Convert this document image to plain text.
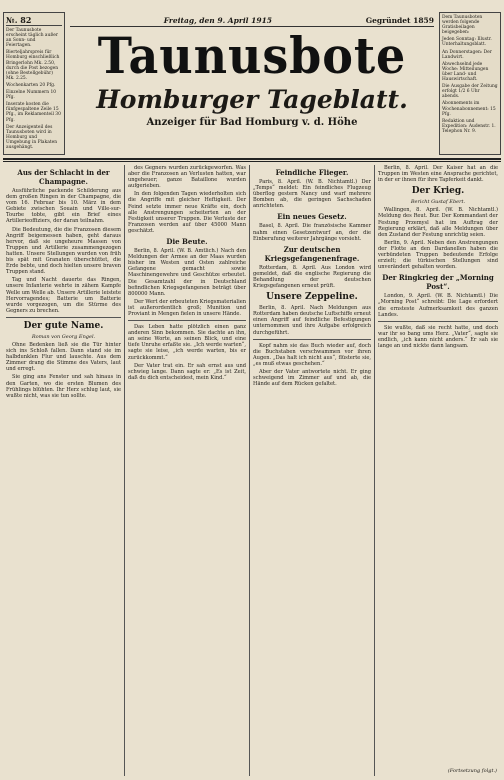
№. 82

Der Taunusbote erscheint täglich außer an Sonn- und Feiertagen.

Bierteljahrspreis für Homburg einschließlich Bringerlohn Mk. 2.50, durch die Post bezogen (ohne Bestellgebühr) Mk. 2.25.

Wochenkarten 20 Pfg.

Einzelne Nummern 10 Pfg.

Inserate kosten die fünfgespaltene Zeile 15 Pfg., im Reklamenteil 30 Pfg.

Der Anzeigenteil des Taunusboten wird in Homburg und Umgebung in Plakaten ausgehängt.

Dem Taunusboten werden folgende Gratisbeilagen beigegeben:

Jeden Sonntag: Illustr. Unterhaltungsblatt.

An Donnerstagen: Der Landwirt.

Abwechselnd jede Woche: Mitteilungen über Land- und Hauswirtschaft.

Die Ausgabe der Zeitung erfolgt 1/2 6 Uhr abends.

Abonnements im Wochenabonnement: 15 Pfg.

Redaktion und Expedition: Audenstr. 1. Telephon Nr. 9.

Freitag, den 9. April 1915	Gegründet 1859
Taunusbote
Homburger Tageblatt.
Anzeiger für Bad Homburg v. d. Höhe
Aus der Schlacht in der Champagne.

Ausführliche packende Schilderung aus dem großen Ringen in der Champagne, die vom 16. Februar bis 10. März in dem Gebiete zwischen Souain und Ville-sur-Tourbe tobte, gibt ein Brief eines Artillerieoffiziers, der daran teilnahm.

Die Bedeutung, die die Franzosen diesem Angriff beigemessen haben, geht daraus hervor, daß sie ungeheure Massen von Truppen und Artillerie zusammengezogen hatten. Unsere Stellungen wurden von früh bis spät mit Granaten überschüttet, die Erde bebte, und doch hielten unsere braven Truppen stand.

Tag und Nacht dauerte das Ringen, unsere Infanterie wehrte in zähem Kampfe Welle um Welle ab. Unsere Artillerie leistete Hervorragendes; Batterie um Batterie wurde vorgezogen, um die Stürme des Gegners zu brechen.

Der gute Name.
Roman von Georg Engel.

Ohne Bedenken ließ sie die Tür hinter sich ins Schloß fallen. Dann stand sie im halbdunklen Flur und lauschte. Aus dem Zimmer drang die Stimme des Vaters, laut und erregt.

Sie ging ans Fenster und sah hinaus in den Garten, wo die ersten Blumen des Frühlings blühten. Ihr Herz schlug laut, sie wußte nicht, was sie tun sollte.

des Gegners wurden zurückgeworfen. Was aber die Franzosen an Verlusten hatten, war ungeheuer; ganze Bataillone wurden aufgerieben.

In den folgenden Tagen wiederholten sich die Angriffe mit gleicher Heftigkeit. Der Feind setzte immer neue Kräfte ein, doch alle Anstrengungen scheiterten an der Festigkeit unserer Truppen. Die Verluste der Franzosen werden auf über 45000 Mann geschätzt.

Die Beute.

Berlin, 8. April. (W. B. Amtlich.) Nach den Meldungen der Armee an der Maas wurden bisher im Westen und Osten zahlreiche Gefangene gemacht sowie Maschinengewehre und Geschütze erbeutet. Die Gesamtzahl der in Deutschland befindlichen Kriegsgefangenen beträgt über 800000 Mann.

Der Wert der erbeuteten Kriegsmaterialien ist außerordentlich groß; Munition und Proviant in Mengen fielen in unsere Hände.

Das Leben hatte plötzlich einen ganz anderen Sinn bekommen. Sie dachte an ihn, an seine Worte, an seinen Blick, und eine tiefe Unruhe erfaßte sie. „Ich werde warten“, sagte sie leise, „ich werde warten, bis er zurückkommt.“

Der Vater trat ein. Er sah ernst aus und schwieg lange. Dann sagte er: „Es ist Zeit, daß du dich entscheidest, mein Kind.“

Feindliche Flieger.

Paris, 8. April. (W. B. Nichtamtl.) Der „Temps“ meldet: Ein feindliches Flugzeug überflog gestern Nancy und warf mehrere Bomben ab, die geringen Sachschaden anrichteten.

Ein neues Gesetz.

Basel, 8. April. Die französische Kammer nahm einen Gesetzentwurf an, der die Einberufung weiterer Jahrgänge vorsieht.

Zur deutschen Kriegsgefangenenfrage.

Rotterdam, 8. April. Aus London wird gemeldet, daß die englische Regierung die Behandlung der deutschen Kriegsgefangenen erneut prüft.

Unsere Zeppeline.

Berlin, 8. April. Nach Meldungen aus Rotterdam haben deutsche Luftschiffe erneut einen Angriff auf feindliche Befestigungen unternommen und ihre Aufgabe erfolgreich durchgeführt.

Kopf nahm sie das Buch wieder auf, doch die Buchstaben verschwammen vor ihren Augen. „Das halt ich nicht aus“, flüsterte sie, „es muß etwas geschehen.“

Aber der Vater antwortete nicht. Er ging schweigend im Zimmer auf und ab, die Hände auf dem Rücken gefaltet.

Berlin, 8. April. Der Kaiser hat an die Truppen im Westen eine Ansprache gerichtet, in der er ihnen für ihre Tapferkeit dankt.

Der Krieg.
Bericht Gustaf Ebert.

Wallingen, 8. April. (W. B. Nichtamtl.) Meldung des Reut. Bur. Der Kommandant der Festung Przemysl hat im Auftrag der Regierung erklärt, daß alle Meldungen über den Zustand der Festung unrichtig seien.

Berlin, 9. April. Neben den Anstrengungen der Flotte an den Dardanellen haben die verbündeten Truppen bedeutende Erfolge erzielt; die türkischen Stellungen sind unverändert gehalten worden.

Der Ringkrieg der „Morning Post“.

London, 9. April. (W. B. Nichtamtl.) Die „Morning Post“ schreibt: Die Lage erfordert die ernsteste Aufmerksamkeit des ganzen Landes.

Sie wußte, daß sie recht hatte, und doch war ihr so bang ums Herz. „Vater“, sagte sie endlich, „ich kann nicht anders.“ Er sah sie lange an und nickte dann langsam.

(Fortsetzung folgt.)
